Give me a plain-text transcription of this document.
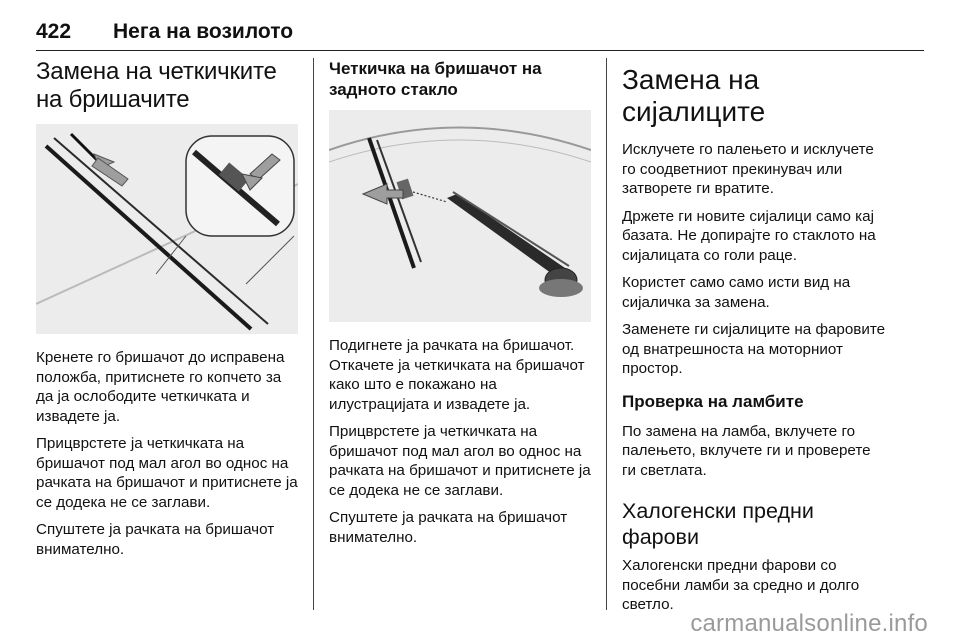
422 Нега на возилото
Замена на четкичките на бришачите

Кренете го бришачот до исправена положба, притиснете го копчето за да ја ослободите четкичката и извадете ја.

Прицврстете ја четкичката на бришачот под мал агол во однос на рачката на бришачот и притиснете ја се додека не се заглави.

Спуштете ја рачката на бришачот внимателно.

Четкичка на бришачот на задното стакло

Подигнете ја рачката на бришачот. Откачете ја четкичката на бришачот како што е покажано на илустрацијата и извадете ја.

Прицврстете ја четкичката на бришачот под мал агол во однос на рачката на бришачот и притиснете ја се додека не се заглави.

Спуштете ја рачката на бришачот внимателно.

Замена на сијалиците

Исклучете го палењето и исклучете го соодветниот прекинувач или затворете ги вратите.

Држете ги новите сијалици само кај базата. Не допирајте го стаклото на сијалицата со голи раце.

Користет само само исти вид на сијаличка за замена.

Заменете ги сијалиците на фаровите од внатрешноста на моторниот простор.

Проверка на ламбите

По замена на ламба, вклучете го палењето, вклучете ги и проверете ги светлата.

Халогенски предни фарови

Халогенски предни фарови со посебни ламби за средно и долго светло.

carmanualsonline.info
